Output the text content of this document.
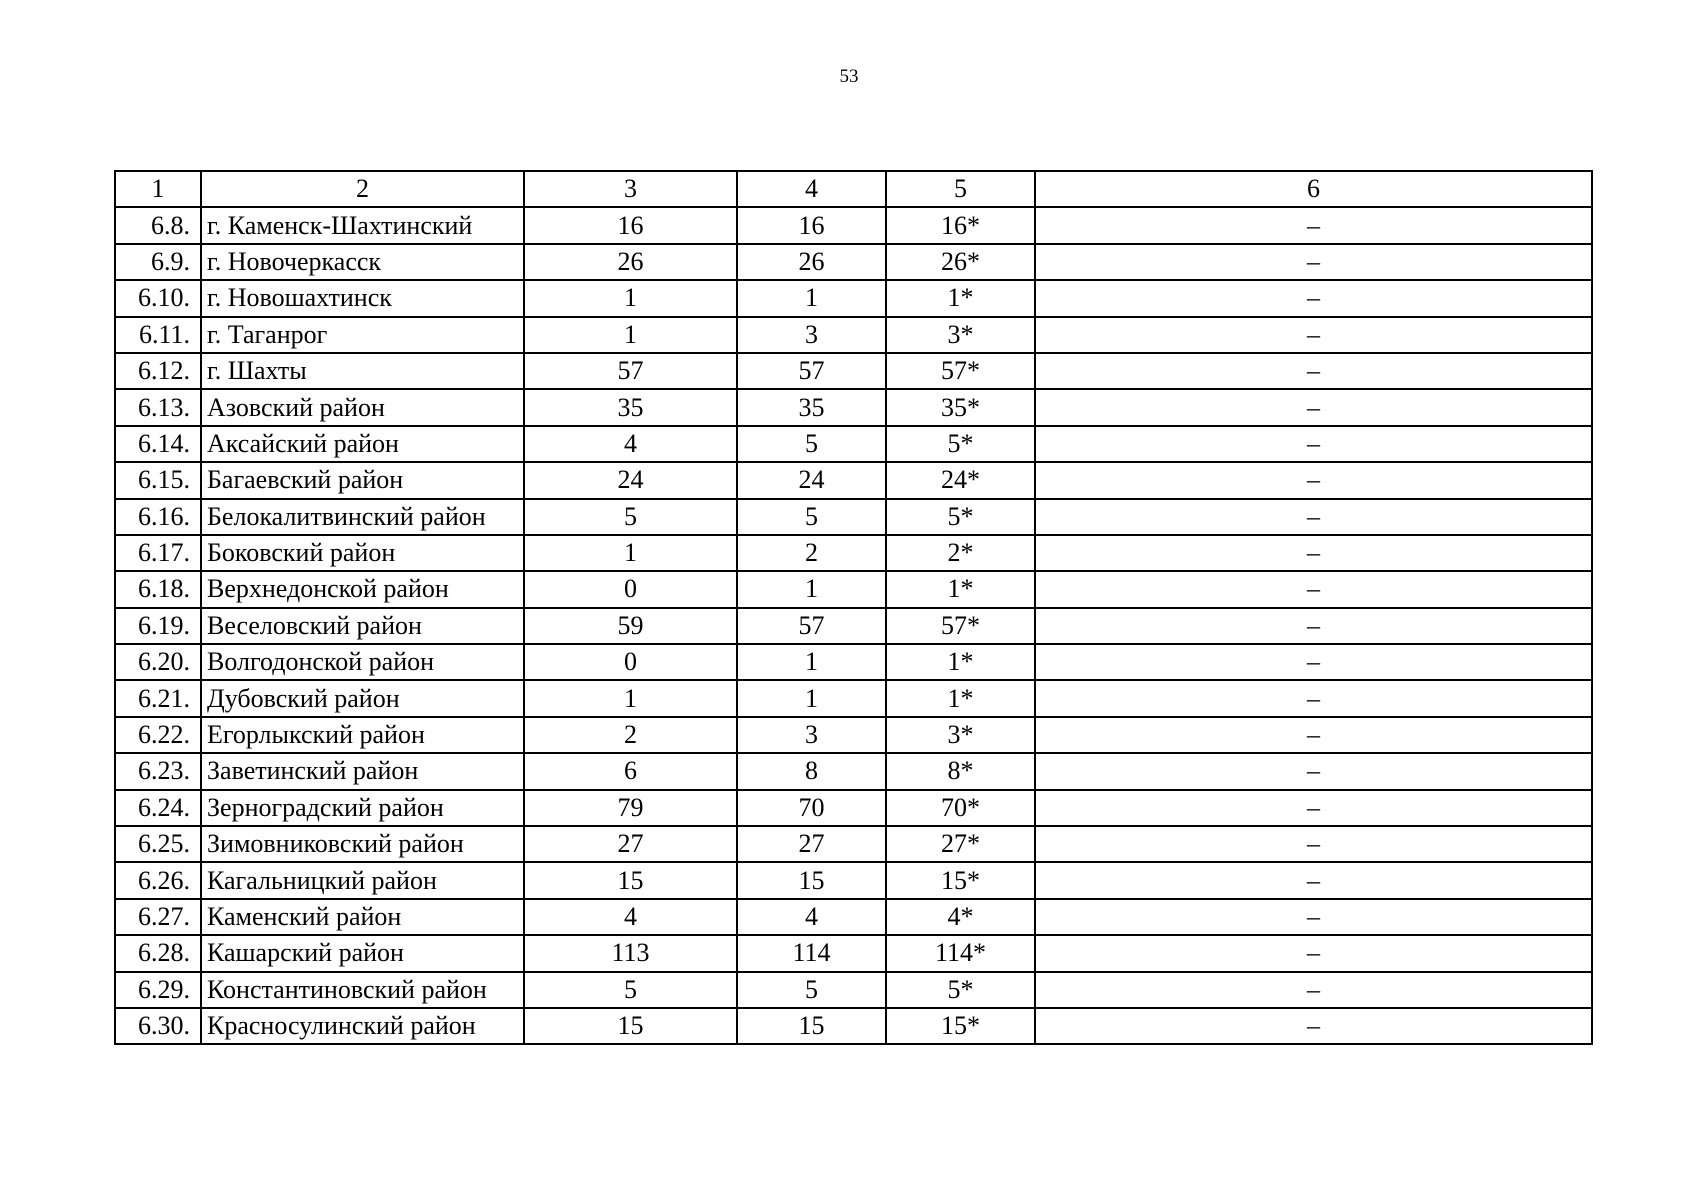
53
1	2	3	4	5	6
6.8.	г. Каменск-Шахтинский	16	16	16*	–
6.9.	г. Новочеркасск	26	26	26*	–
6.10.	г. Новошахтинск	1	1	1*	–
6.11.	г. Таганрог	1	3	3*	–
6.12.	г. Шахты	57	57	57*	–
6.13.	Азовский район	35	35	35*	–
6.14.	Аксайский район	4	5	5*	–
6.15.	Багаевский район	24	24	24*	–
6.16.	Белокалитвинский район	5	5	5*	–
6.17.	Боковский район	1	2	2*	–
6.18.	Верхнедонской район	0	1	1*	–
6.19.	Веселовский район	59	57	57*	–
6.20.	Волгодонской район	0	1	1*	–
6.21.	Дубовский район	1	1	1*	–
6.22.	Егорлыкский район	2	3	3*	–
6.23.	Заветинский район	6	8	8*	–
6.24.	Зерноградский район	79	70	70*	–
6.25.	Зимовниковский район	27	27	27*	–
6.26.	Кагальницкий район	15	15	15*	–
6.27.	Каменский район	4	4	4*	–
6.28.	Кашарский район	113	114	114*	–
6.29.	Константиновский район	5	5	5*	–
6.30.	Красносулинский район	15	15	15*	–
